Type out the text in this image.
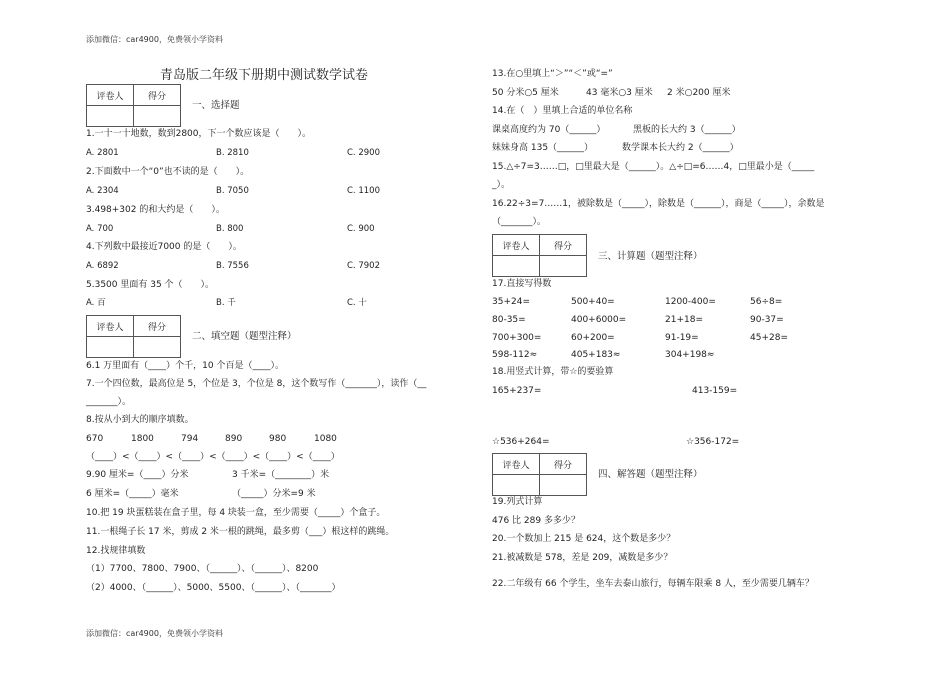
添加微信：car4900，免费领小学资料
添加微信：car4900，免费领小学资料
青岛版二年级下册期中测试数学试卷
评卷人	得分

一、选择题
1.一十一十地数，数到2800，下一个数应该是（　　）。
A. 2801	B. 2810	C. 2900
2.下面数中一个“0”也不读的是（　　）。
A. 2304	B. 7050	C. 1100
3.498+302 的和大约是（　　）。
A. 700	B. 800	C. 900
4.下列数中最接近7000 的是（　　）。
A. 6892	B. 7556	C. 7902
5.3500 里面有 35 个（　　）。
A. 百	B. 千	C. 十
评卷人	得分

二、填空题（题型注释）
6.1 万里面有（____）个千，10 个百是（____）。
7.一个四位数，最高位是 5，个位是 3，个位是 8，这个数写作（_______），读作（__
_______）。
8.按从小到大的顺序填数。
670	1800	794	890	980	1080
（____）<（____）<（____）<（____）<（____）<（____）
9.90 厘米=（____）分米	3 千米=（________）米
6 厘米=（_____）毫米	（_____）分米=9 米
10.把 19 块蛋糕装在盒子里，每 4 块装一盒，至少需要（_____）个盒子。
11.一根绳子长 17 米，剪成 2 米一根的跳绳，最多剪（___）根这样的跳绳。
12.找规律填数
（1）7700、7800、7900、（______）、（______）、8200
（2）4000、（______）、5000、5500、（______）、（_______）
13.在○里填上“＞”“＜”或“=”
50 分米○5 厘米	43 毫米○3 厘米 2 米○200 厘米
14.在（　）里填上合适的单位名称
课桌高度约为 70（______）	黑板的长大约 3（______）
妹妹身高 135（______）	数学课本长大约 2（______）
15.△÷7=3……□，□里最大是（______）。△÷□=6……4，□里最小是（_____
_）。
16.22÷3=7……1，被除数是（_____），除数是（______），商是（_____），余数是
（_______）。
评卷人	得分

三、计算题（题型注释）
17.直接写得数
35+24=	500+40=	1200-400=	56÷8=
80-35=	400+6000=	21+18=	90-37=
700+300=	60+200=	91-19=	45+28=
598-112≈	405+183≈	304+198≈
18.用竖式计算，带☆的要验算
165+237=	413-159=
☆536+264=	☆356-172=
评卷人	得分

四、解答题（题型注释）
19.列式计算
476 比 289 多多少？
20.一个数加上 215 是 624，这个数是多少？
21.被减数是 578，差是 209，减数是多少？
22.二年级有 66 个学生，坐车去泰山旅行，每辆车限乘 8 人，至少需要几辆车？
